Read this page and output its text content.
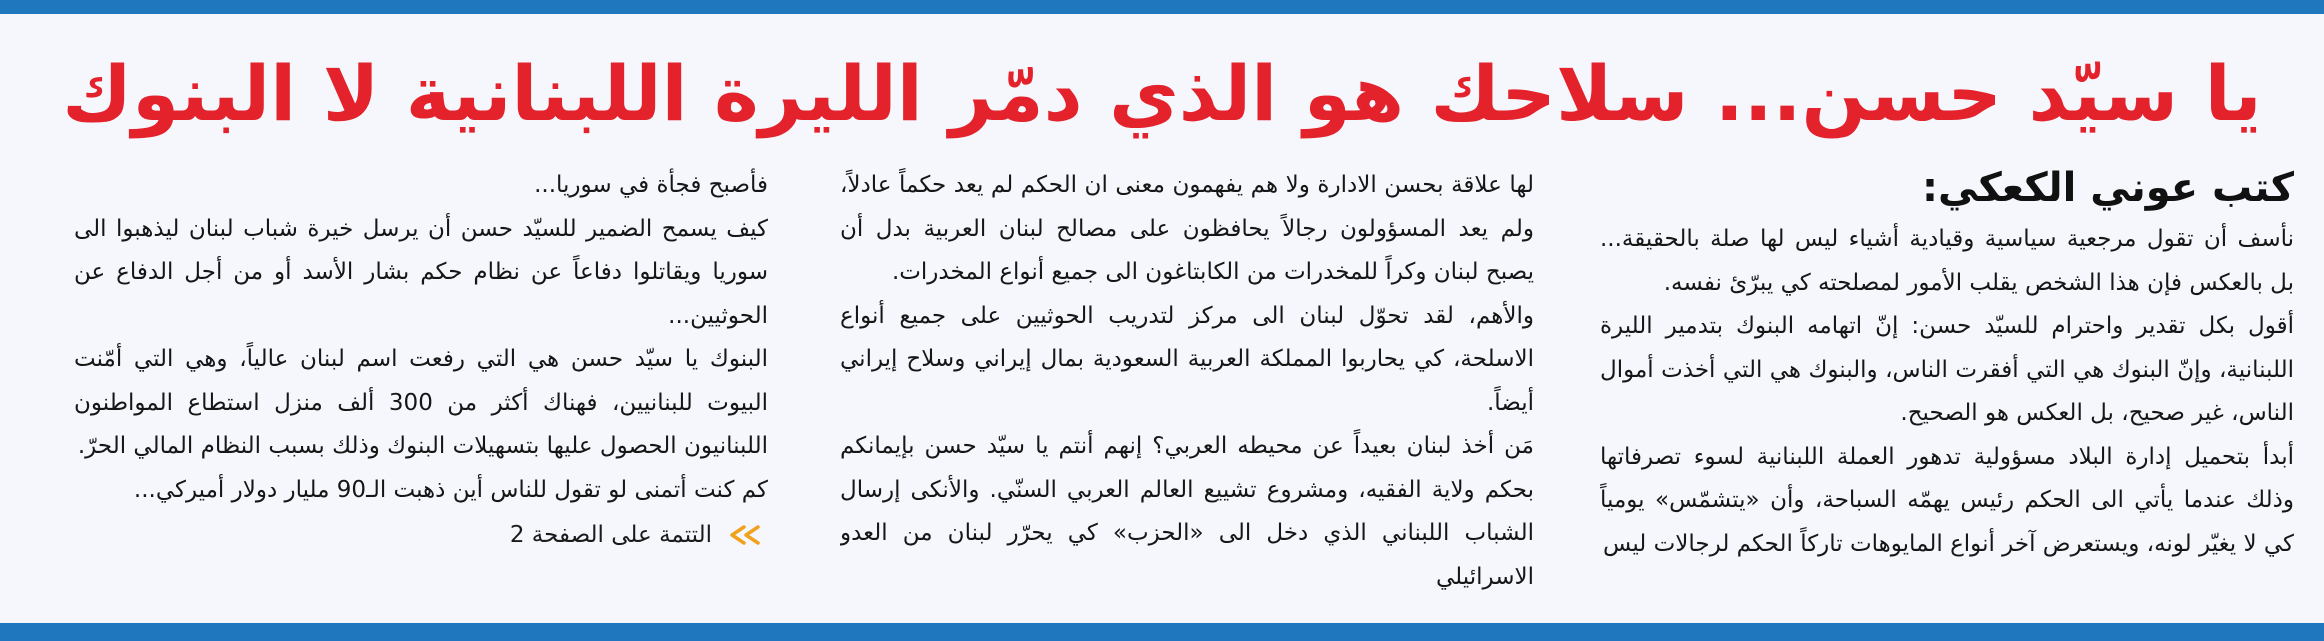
يا سيّد حسن... سلاحك هو الذي دمّر الليرة اللبنانية لا البنوك
كتب عوني الكعكي:

نأسف أن تقول مرجعية سياسية وقيادية أشياء ليس لها صلة بالحقيقة... بل بالعكس فإن هذا الشخص يقلب الأمور لمصلحته كي يبرّئ نفسه.

أقول بكل تقدير واحترام للسيّد حسن: إنّ اتهامه البنوك بتدمير الليرة اللبنانية، وإنّ البنوك هي التي أفقرت الناس، والبنوك هي التي أخذت أموال الناس، غير صحيح، بل العكس هو الصحيح.

أبدأ بتحميل إدارة البلاد مسؤولية تدهور العملة اللبنانية لسوء تصرفاتها وذلك عندما يأتي الى الحكم رئيس يهمّه السباحة، وأن «يتشمّس» يومياً كي لا يغيّر لونه، ويستعرض آخر أنواع المايوهات تاركاً الحكم لرجالات ليس

لها علاقة بحسن الادارة ولا هم يفهمون معنى ان الحكم لم يعد حكماً عادلاً، ولم يعد المسؤولون رجالاً يحافظون على مصالح لبنان العربية بدل أن يصبح لبنان وكراً للمخدرات من الكابتاغون الى جميع أنواع المخدرات.

والأهم، لقد تحوّل لبنان الى مركز لتدريب الحوثيين على جميع أنواع الاسلحة، كي يحاربوا المملكة العربية السعودية بمال إيراني وسلاح إيراني أيضاً.

مَن أخذ لبنان بعيداً عن محيطه العربي؟ إنهم أنتم يا سيّد حسن بإيمانكم بحكم ولاية الفقيه، ومشروع تشييع العالم العربي السنّي. والأنكى إرسال الشباب اللبناني الذي دخل الى «الحزب» كي يحرّر لبنان من العدو الاسرائيلي

فأصبح فجأة في سوريا...

كيف يسمح الضمير للسيّد حسن أن يرسل خيرة شباب لبنان ليذهبوا الى سوريا ويقاتلوا دفاعاً عن نظام حكم بشار الأسد أو من أجل الدفاع عن الحوثيين...

البنوك يا سيّد حسن هي التي رفعت اسم لبنان عالياً، وهي التي أمّنت البيوت للبنانيين، فهناك أكثر من 300 ألف منزل استطاع المواطنون اللبنانيون الحصول عليها بتسهيلات البنوك وذلك بسبب النظام المالي الحرّ.

كم كنت أتمنى لو تقول للناس أين ذهبت الـ90 مليار دولار أميركي...

التتمة على الصفحة 2
